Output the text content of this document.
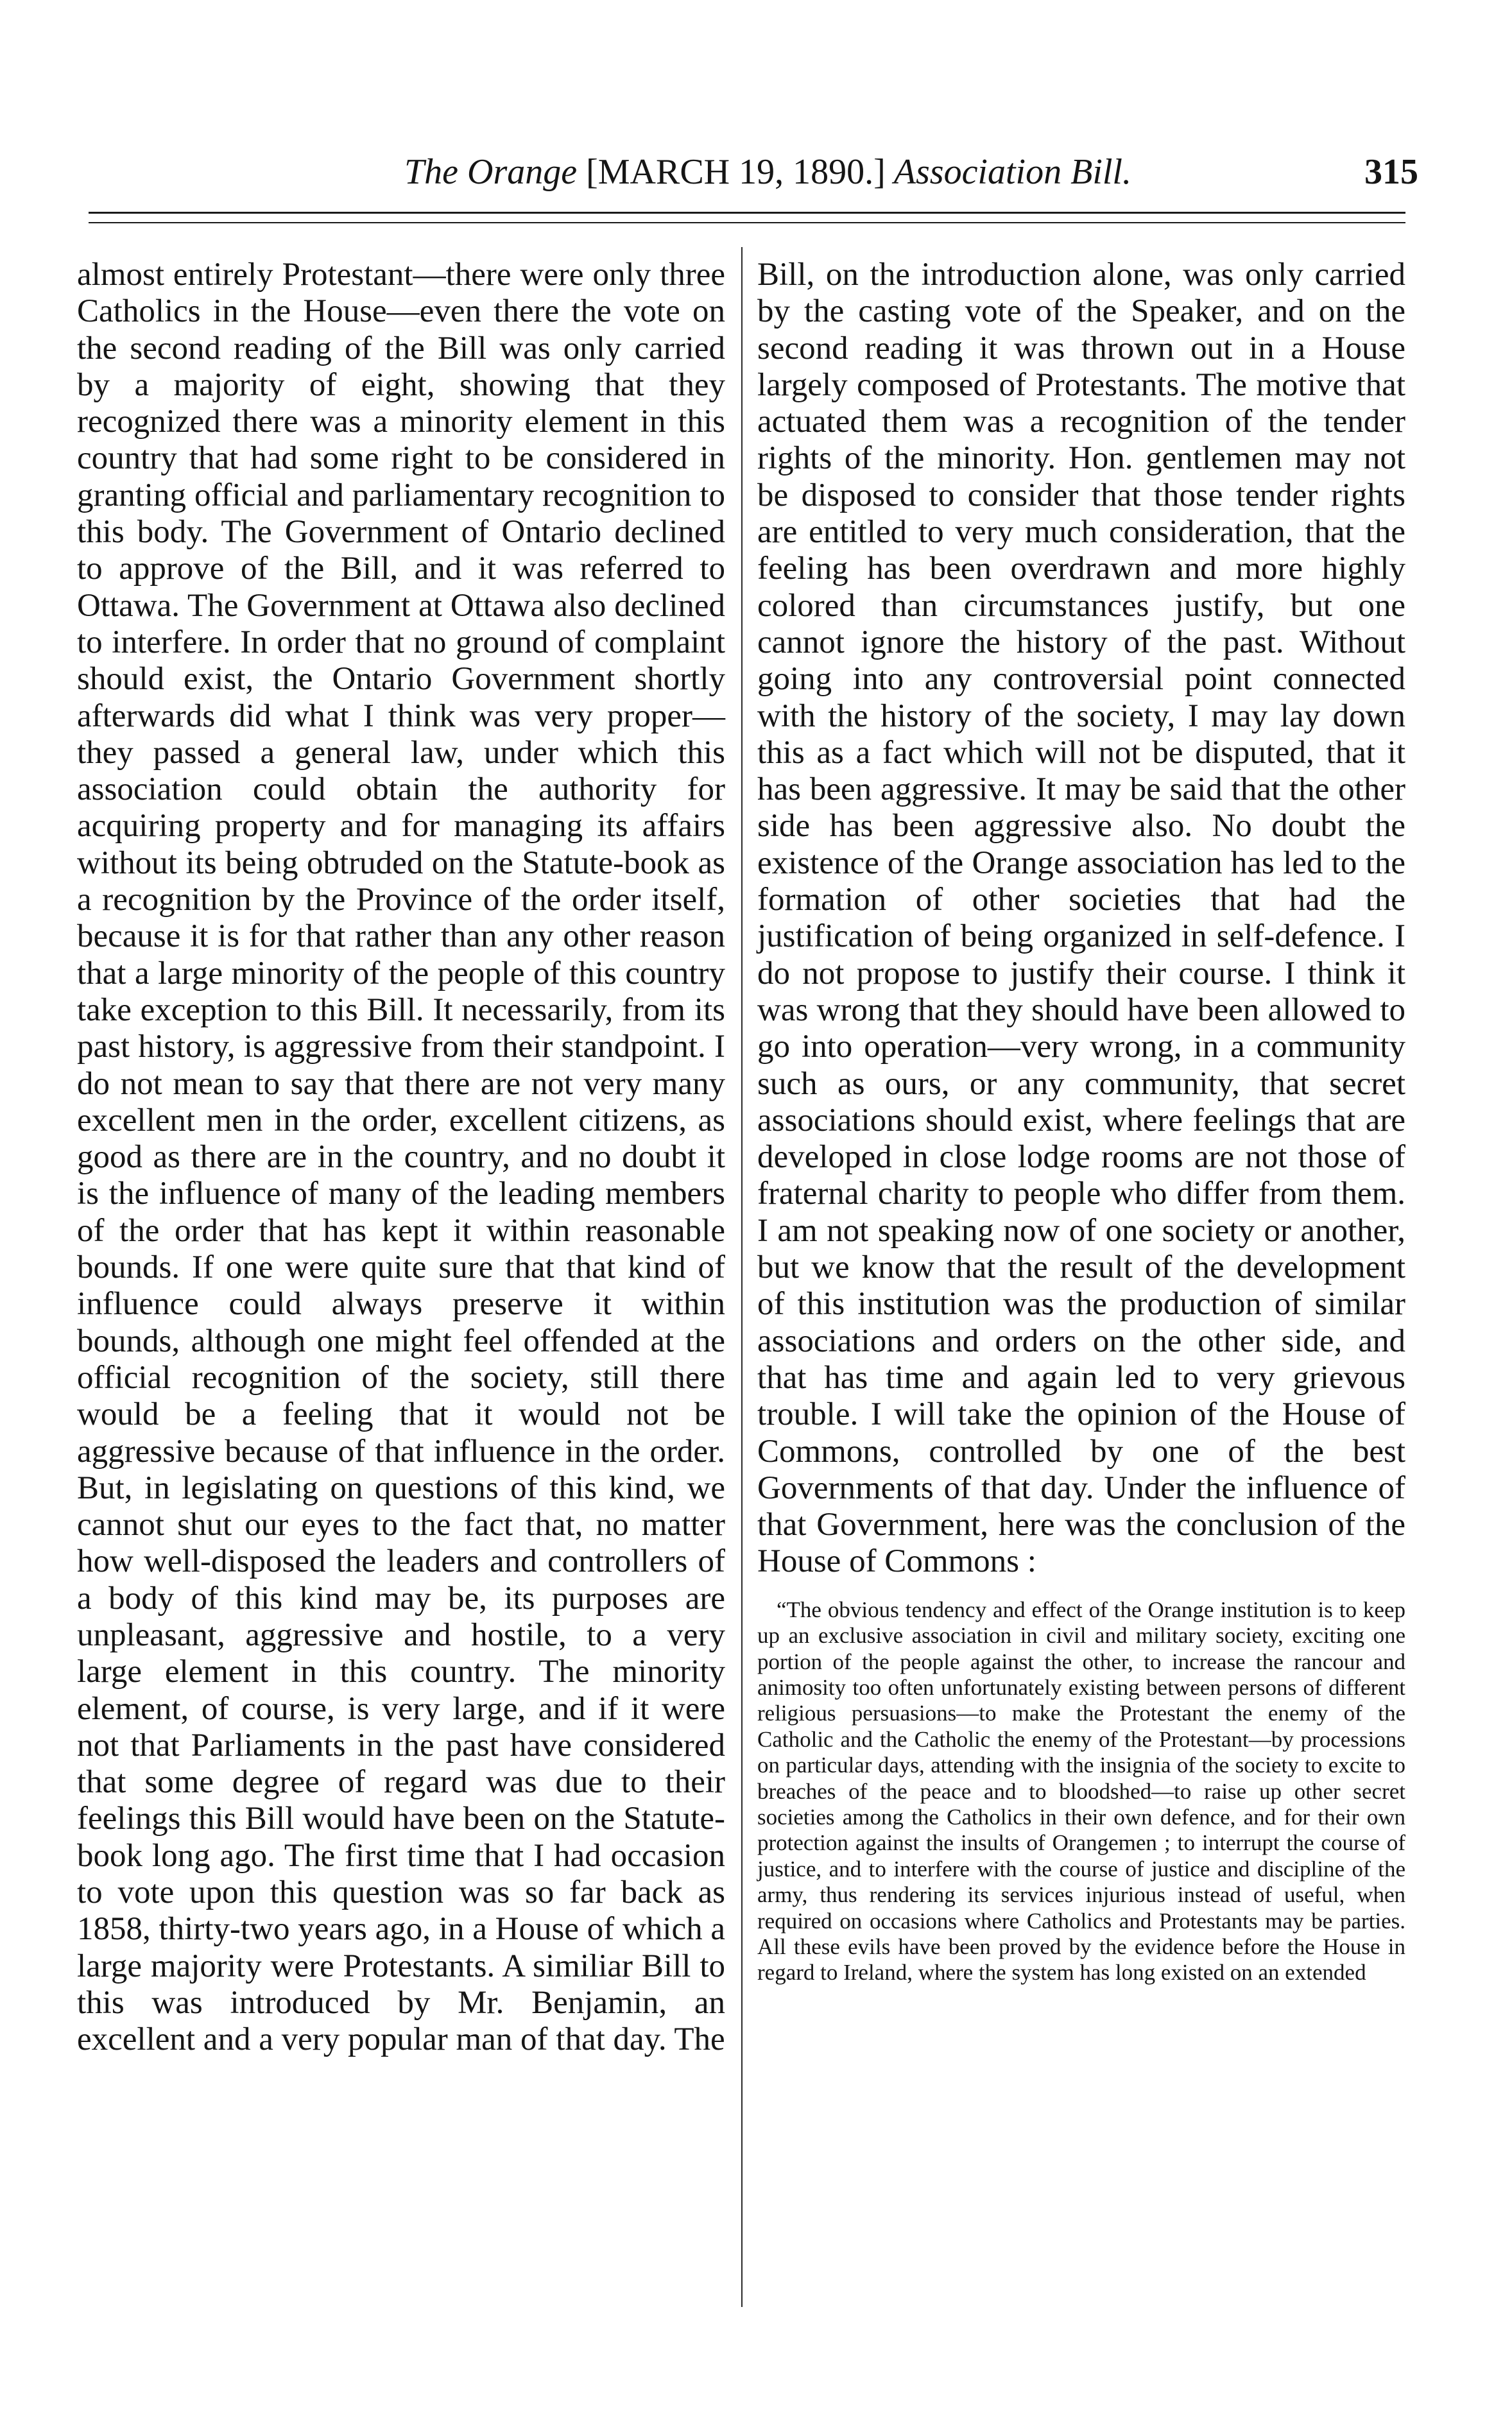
The Orange [MARCH 19, 1890.] Association Bill.	315

almost entirely Protestant—there were only three Catholics in the House—even there the vote on the second reading of the Bill was only carried by a majority of eight, showing that they recognized there was a minority element in this country that had some right to be considered in granting official and parliamentary recognition to this body. The Government of Ontario declined to approve of the Bill, and it was referred to Ottawa. The Government at Ottawa also declined to interfere. In order that no ground of complaint should exist, the Ontario Government shortly afterwards did what I think was very proper—they passed a general law, under which this association could obtain the authority for acquiring property and for managing its affairs without its being obtruded on the Statute-book as a recognition by the Province of the order itself, because it is for that rather than any other reason that a large minority of the people of this country take exception to this Bill. It necessarily, from its past history, is aggressive from their standpoint. I do not mean to say that there are not very many excellent men in the order, excellent citizens, as good as there are in the country, and no doubt it is the influence of many of the leading members of the order that has kept it within reasonable bounds. If one were quite sure that that kind of influence could always preserve it within bounds, although one might feel offended at the official recognition of the society, still there would be a feeling that it would not be aggressive because of that influence in the order. But, in legislating on questions of this kind, we cannot shut our eyes to the fact that, no matter how well-disposed the leaders and controllers of a body of this kind may be, its purposes are unpleasant, aggressive and hostile, to a very large element in this country. The minority element, of course, is very large, and if it were not that Parliaments in the past have considered that some degree of regard was due to their feelings this Bill would have been on the Statute-book long ago. The first time that I had occasion to vote upon this question was so far back as 1858, thirty-two years ago, in a House of which a large majority were Protestants. A similiar Bill to this was introduced by Mr. Benjamin, an excellent and a very popular man of that day. The

Bill, on the introduction alone, was only carried by the casting vote of the Speaker, and on the second reading it was thrown out in a House largely composed of Protestants. The motive that actuated them was a recognition of the tender rights of the minority. Hon. gentlemen may not be disposed to consider that those tender rights are entitled to very much consideration, that the feeling has been overdrawn and more highly colored than circumstances justify, but one cannot ignore the history of the past. Without going into any controversial point connected with the history of the society, I may lay down this as a fact which will not be disputed, that it has been aggressive. It may be said that the other side has been aggressive also. No doubt the existence of the Orange association has led to the formation of other societies that had the justification of being organized in self-defence. I do not propose to justify their course. I think it was wrong that they should have been allowed to go into operation—very wrong, in a community such as ours, or any community, that secret associations should exist, where feelings that are developed in close lodge rooms are not those of fraternal charity to people who differ from them. I am not speaking now of one society or another, but we know that the result of the development of this institution was the production of similar associations and orders on the other side, and that has time and again led to very grievous trouble. I will take the opinion of the House of Commons, controlled by one of the best Governments of that day. Under the influence of that Government, here was the conclusion of the House of Commons :

“The obvious tendency and effect of the Orange institution is to keep up an exclusive association in civil and military society, exciting one portion of the people against the other, to increase the rancour and animosity too often unfortunately existing between persons of different religious persuasions—to make the Protestant the enemy of the Catholic and the Catholic the enemy of the Protestant—by processions on particular days, attending with the insignia of the society to excite to breaches of the peace and to bloodshed—to raise up other secret societies among the Catholics in their own defence, and for their own protection against the insults of Orangemen ; to interrupt the course of justice, and to interfere with the course of justice and discipline of the army, thus rendering its services injurious instead of useful, when required on occasions where Catholics and Protestants may be parties. All these evils have been proved by the evidence before the House in regard to Ireland, where the system has long existed on an extended
